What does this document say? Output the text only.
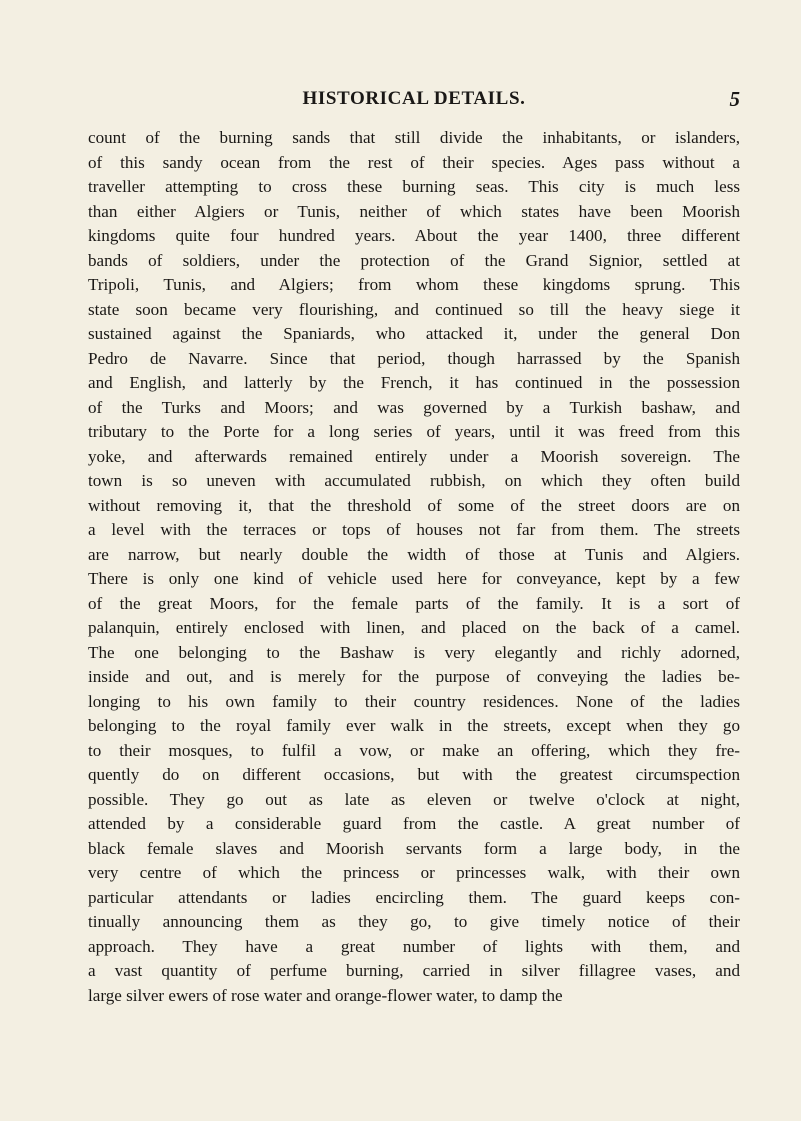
HISTORICAL DETAILS.	5
count of the burning sands that still divide the inhabitants, or islanders,
of this sandy ocean from the rest of their species. Ages pass without a
traveller attempting to cross these burning seas. This city is much less
than either Algiers or Tunis, neither of which states have been Moorish
kingdoms quite four hundred years. About the year 1400, three different
bands of soldiers, under the protection of the Grand Signior, settled at
Tripoli, Tunis, and Algiers; from whom these kingdoms sprung. This
state soon became very flourishing, and continued so till the heavy siege it
sustained against the Spaniards, who attacked it, under the general Don
Pedro de Navarre. Since that period, though harrassed by the Spanish
and English, and latterly by the French, it has continued in the possession
of the Turks and Moors; and was governed by a Turkish bashaw, and
tributary to the Porte for a long series of years, until it was freed from this
yoke, and afterwards remained entirely under a Moorish sovereign. The
town is so uneven with accumulated rubbish, on which they often build
without removing it, that the threshold of some of the street doors are on
a level with the terraces or tops of houses not far from them. The streets
are narrow, but nearly double the width of those at Tunis and Algiers.
There is only one kind of vehicle used here for conveyance, kept by a few
of the great Moors, for the female parts of the family. It is a sort of
palanquin, entirely enclosed with linen, and placed on the back of a camel.
The one belonging to the Bashaw is very elegantly and richly adorned,
inside and out, and is merely for the purpose of conveying the ladies be-
longing to his own family to their country residences. None of the ladies
belonging to the royal family ever walk in the streets, except when they go
to their mosques, to fulfil a vow, or make an offering, which they fre-
quently do on different occasions, but with the greatest circumspection
possible. They go out as late as eleven or twelve o'clock at night,
attended by a considerable guard from the castle. A great number of
black female slaves and Moorish servants form a large body, in the
very centre of which the princess or princesses walk, with their own
particular attendants or ladies encircling them. The guard keeps con-
tinually announcing them as they go, to give timely notice of their
approach. They have a great number of lights with them, and
a vast quantity of perfume burning, carried in silver fillagree vases, and
large silver ewers of rose water and orange-flower water, to damp the
